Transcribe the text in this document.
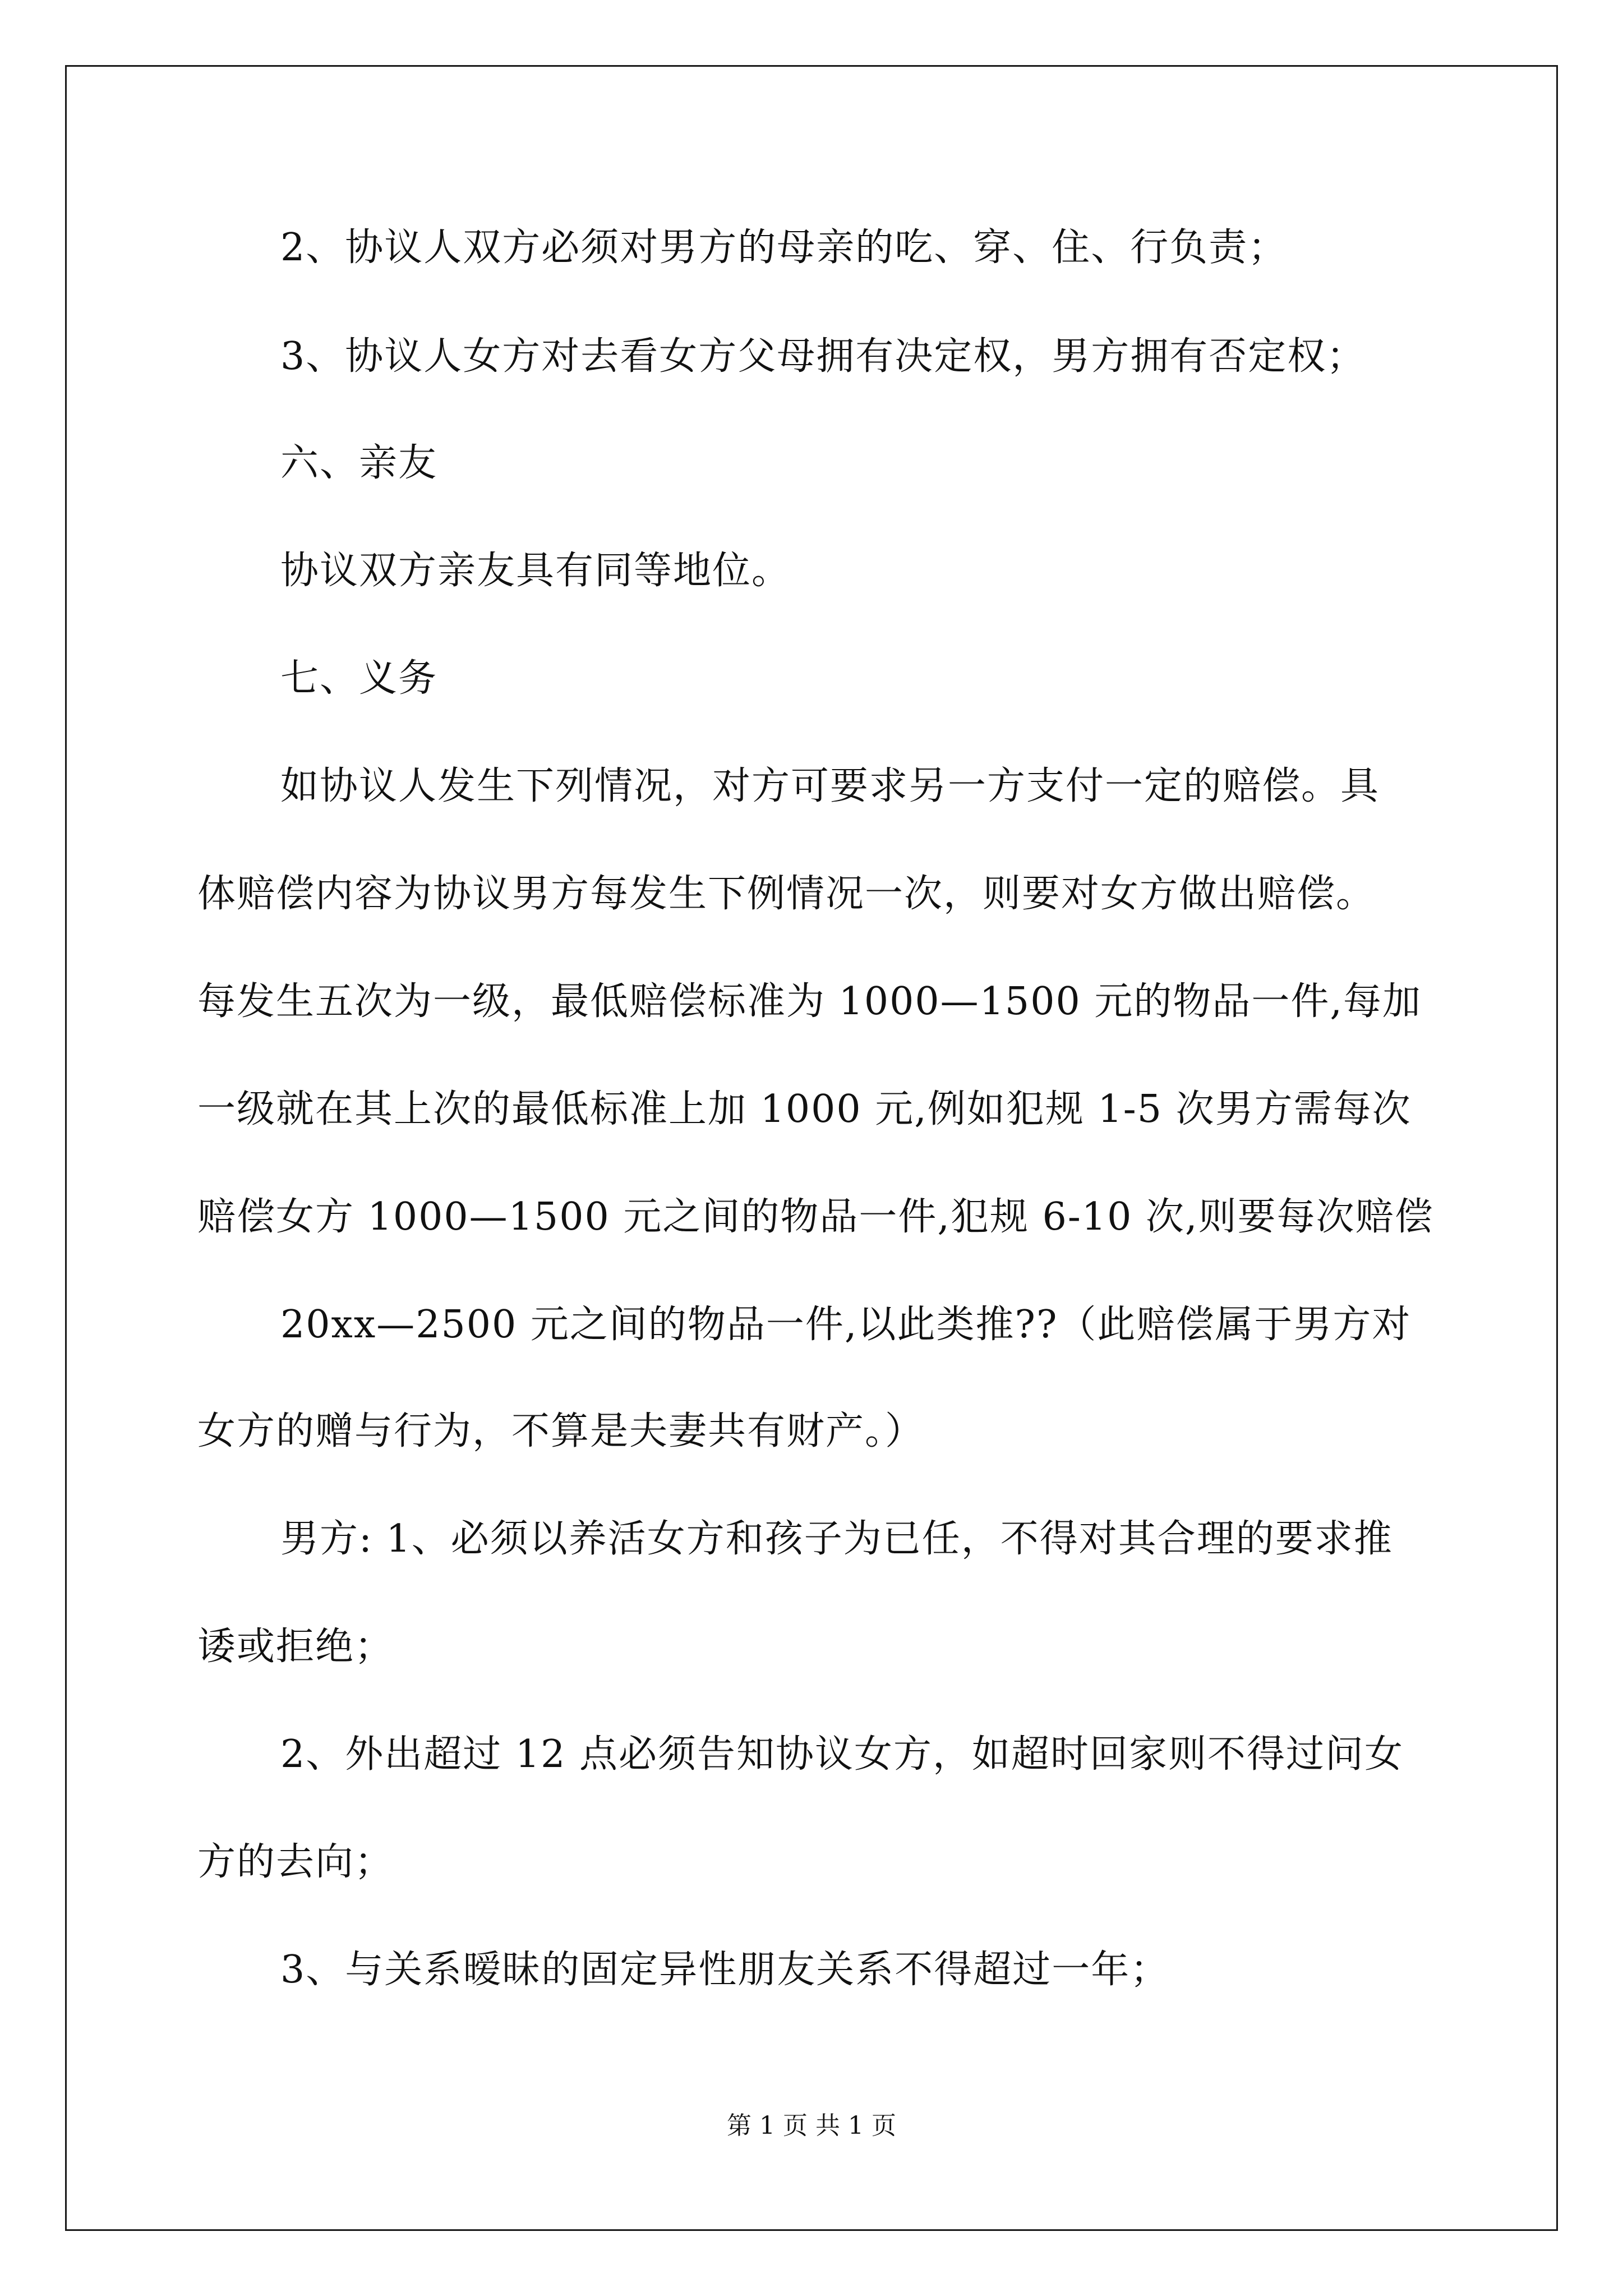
2、协议人双方必须对男方的母亲的吃、穿、住、行负责；

3、协议人女方对去看女方父母拥有决定权，男方拥有否定权；

六、亲友

协议双方亲友具有同等地位。

七、义务

如协议人发生下列情况，对方可要求另一方支付一定的赔偿。具

体赔偿内容为协议男方每发生下例情况一次，则要对女方做出赔偿。

每发生五次为一级，最低赔偿标准为 1000—1500 元的物品一件,每加

一级就在其上次的最低标准上加 1000 元,例如犯规 1-5 次男方需每次

赔偿女方 1000—1500 元之间的物品一件,犯规 6-10 次,则要每次赔偿

20xx—2500 元之间的物品一件,以此类推??（此赔偿属于男方对

女方的赠与行为，不算是夫妻共有财产。）

男方: 1、必须以养活女方和孩子为已任，不得对其合理的要求推

诿或拒绝；

2、外出超过 12 点必须告知协议女方，如超时回家则不得过问女

方的去向；

3、与关系暧昧的固定异性朋友关系不得超过一年；

第 1 页 共 1 页
